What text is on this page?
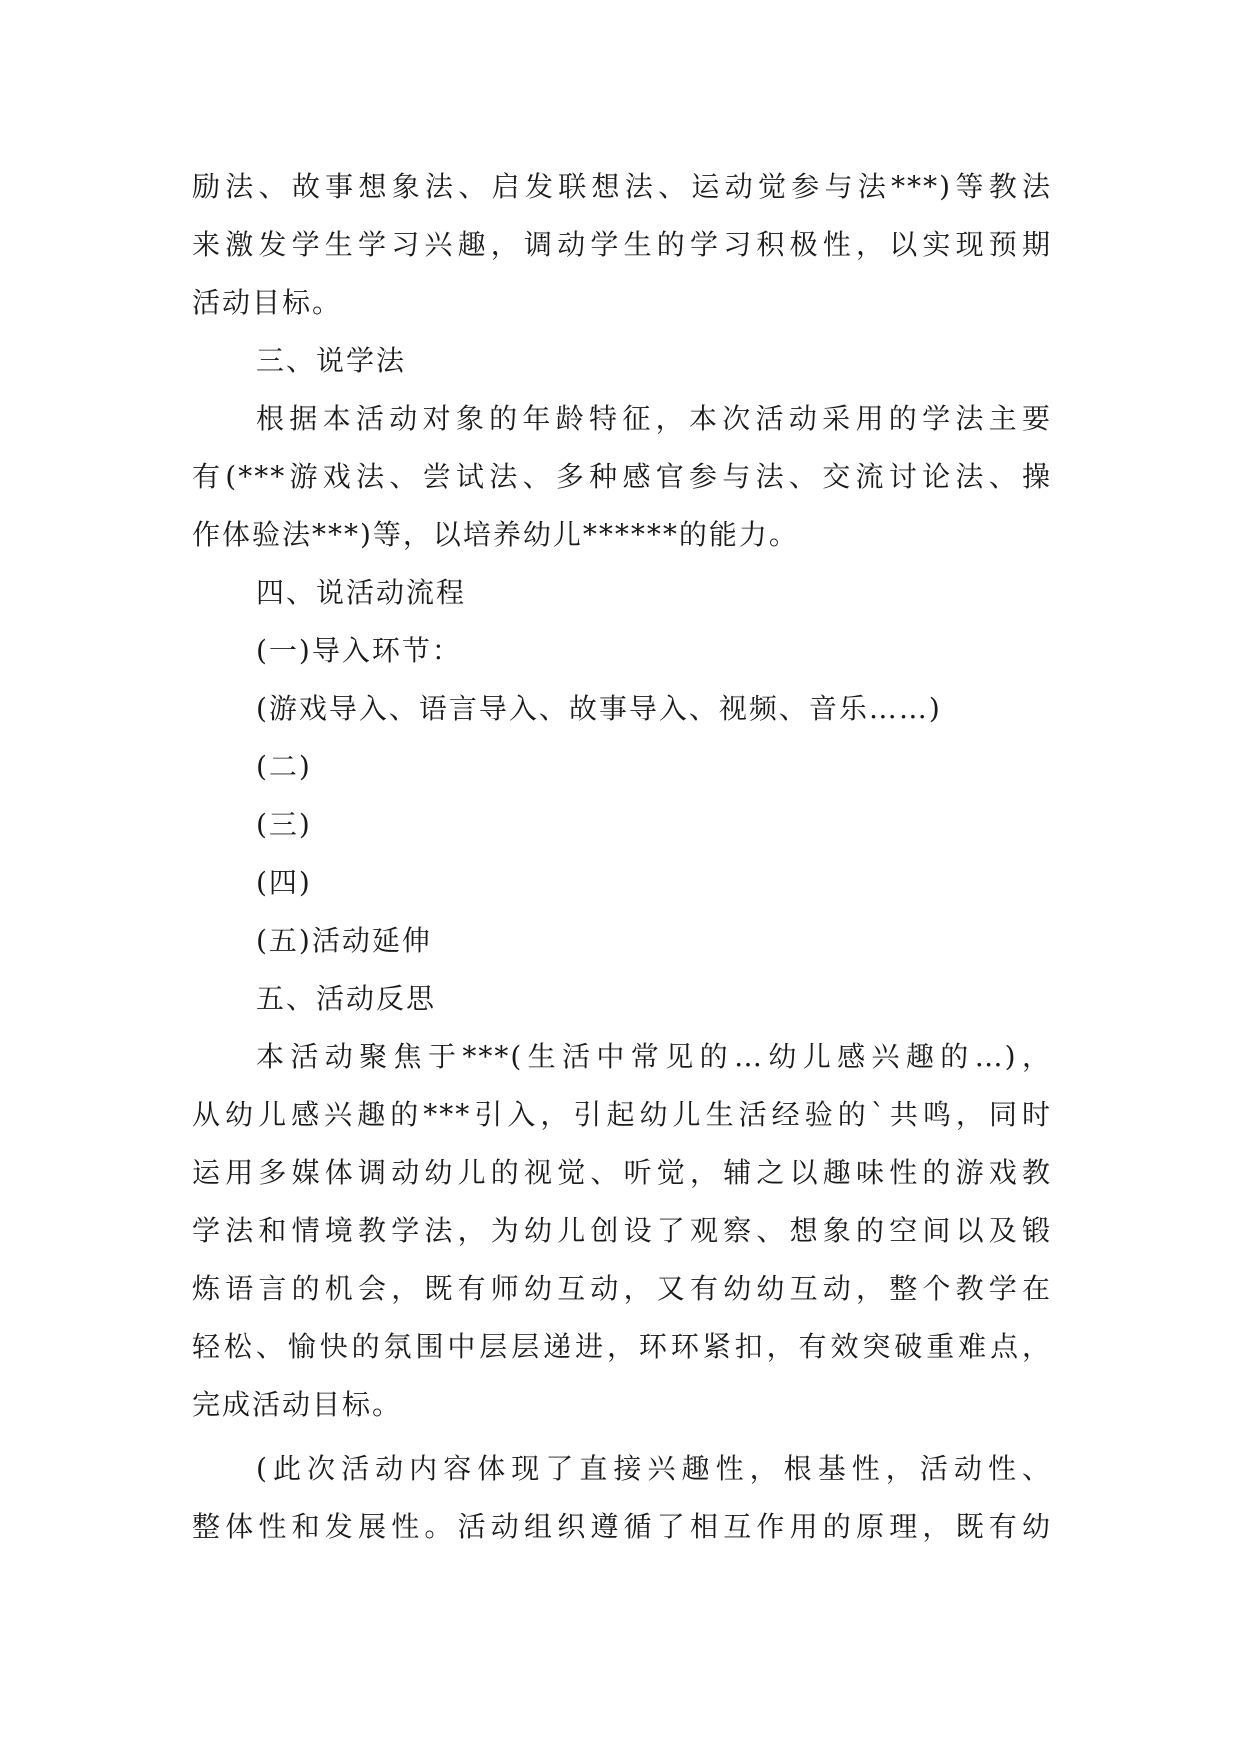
励法、故事想象法、启发联想法、运动觉参与法***)等教法

来激发学生学习兴趣，调动学生的学习积极性，以实现预期

活动目标。

三、说学法

根据本活动对象的年龄特征，本次活动采用的学法主要

有(***游戏法、尝试法、多种感官参与法、交流讨论法、操

作体验法***)等，以培养幼儿******的能力。

四、说活动流程

(一)导入环节：

(游戏导入、语言导入、故事导入、视频、音乐……)

(二)

(三)

(四)

(五)活动延伸

五、活动反思

本活动聚焦于***(生活中常见的…幼儿感兴趣的…)，

从幼儿感兴趣的***引入，引起幼儿生活经验的`共鸣，同时

运用多媒体调动幼儿的视觉、听觉，辅之以趣味性的游戏教

学法和情境教学法，为幼儿创设了观察、想象的空间以及锻

炼语言的机会，既有师幼互动，又有幼幼互动，整个教学在

轻松、愉快的氛围中层层递进，环环紧扣，有效突破重难点，

完成活动目标。

(此次活动内容体现了直接兴趣性，根基性，活动性、

整体性和发展性。活动组织遵循了相互作用的原理，既有幼
